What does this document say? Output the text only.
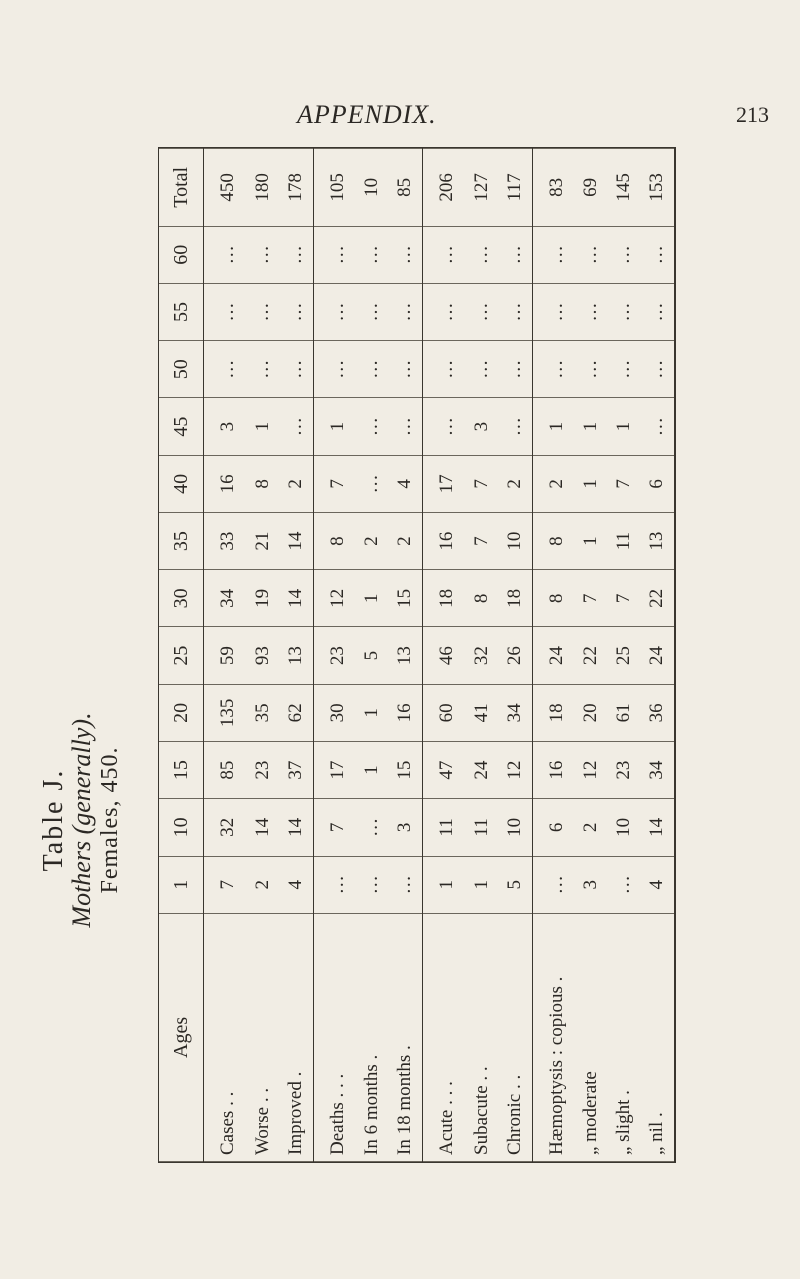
APPENDIX.	213
Table J.
Mothers (generally). Females, 450.
Ages	1	10	15	20	25	30	35	40	45	50	55	60	Total
Cases . .	7	32	85	135	59	34	33	16	3	…	…	…	450
Worse . .	2	14	23	35	93	19	21	8	1	…	…	…	180
Improved .	4	14	37	62	13	14	14	2	…	…	…	…	178
Deaths . . .	…	7	17	30	23	12	8	7	1	…	…	…	105
In 6 months .	…	…	1	1	5	1	2	…	…	…	…	…	10
In 18 months .	…	3	15	16	13	15	2	4	…	…	…	…	85
Acute . . .	1	11	47	60	46	18	16	17	…	…	…	…	206
Subacute . .	1	11	24	41	32	8	7	7	3	…	…	…	127
Chronic . .	5	10	12	34	26	18	10	2	…	…	…	…	117
Hæmoptysis : copious .	…	6	16	18	24	8	8	2	1	…	…	…	83
„ moderate	3	2	12	20	22	7	1	1	1	…	…	…	69
„ slight .	…	10	23	61	25	7	11	7	1	…	…	…	145
„ nil .	4	14	34	36	24	22	13	6	…	…	…	…	153
